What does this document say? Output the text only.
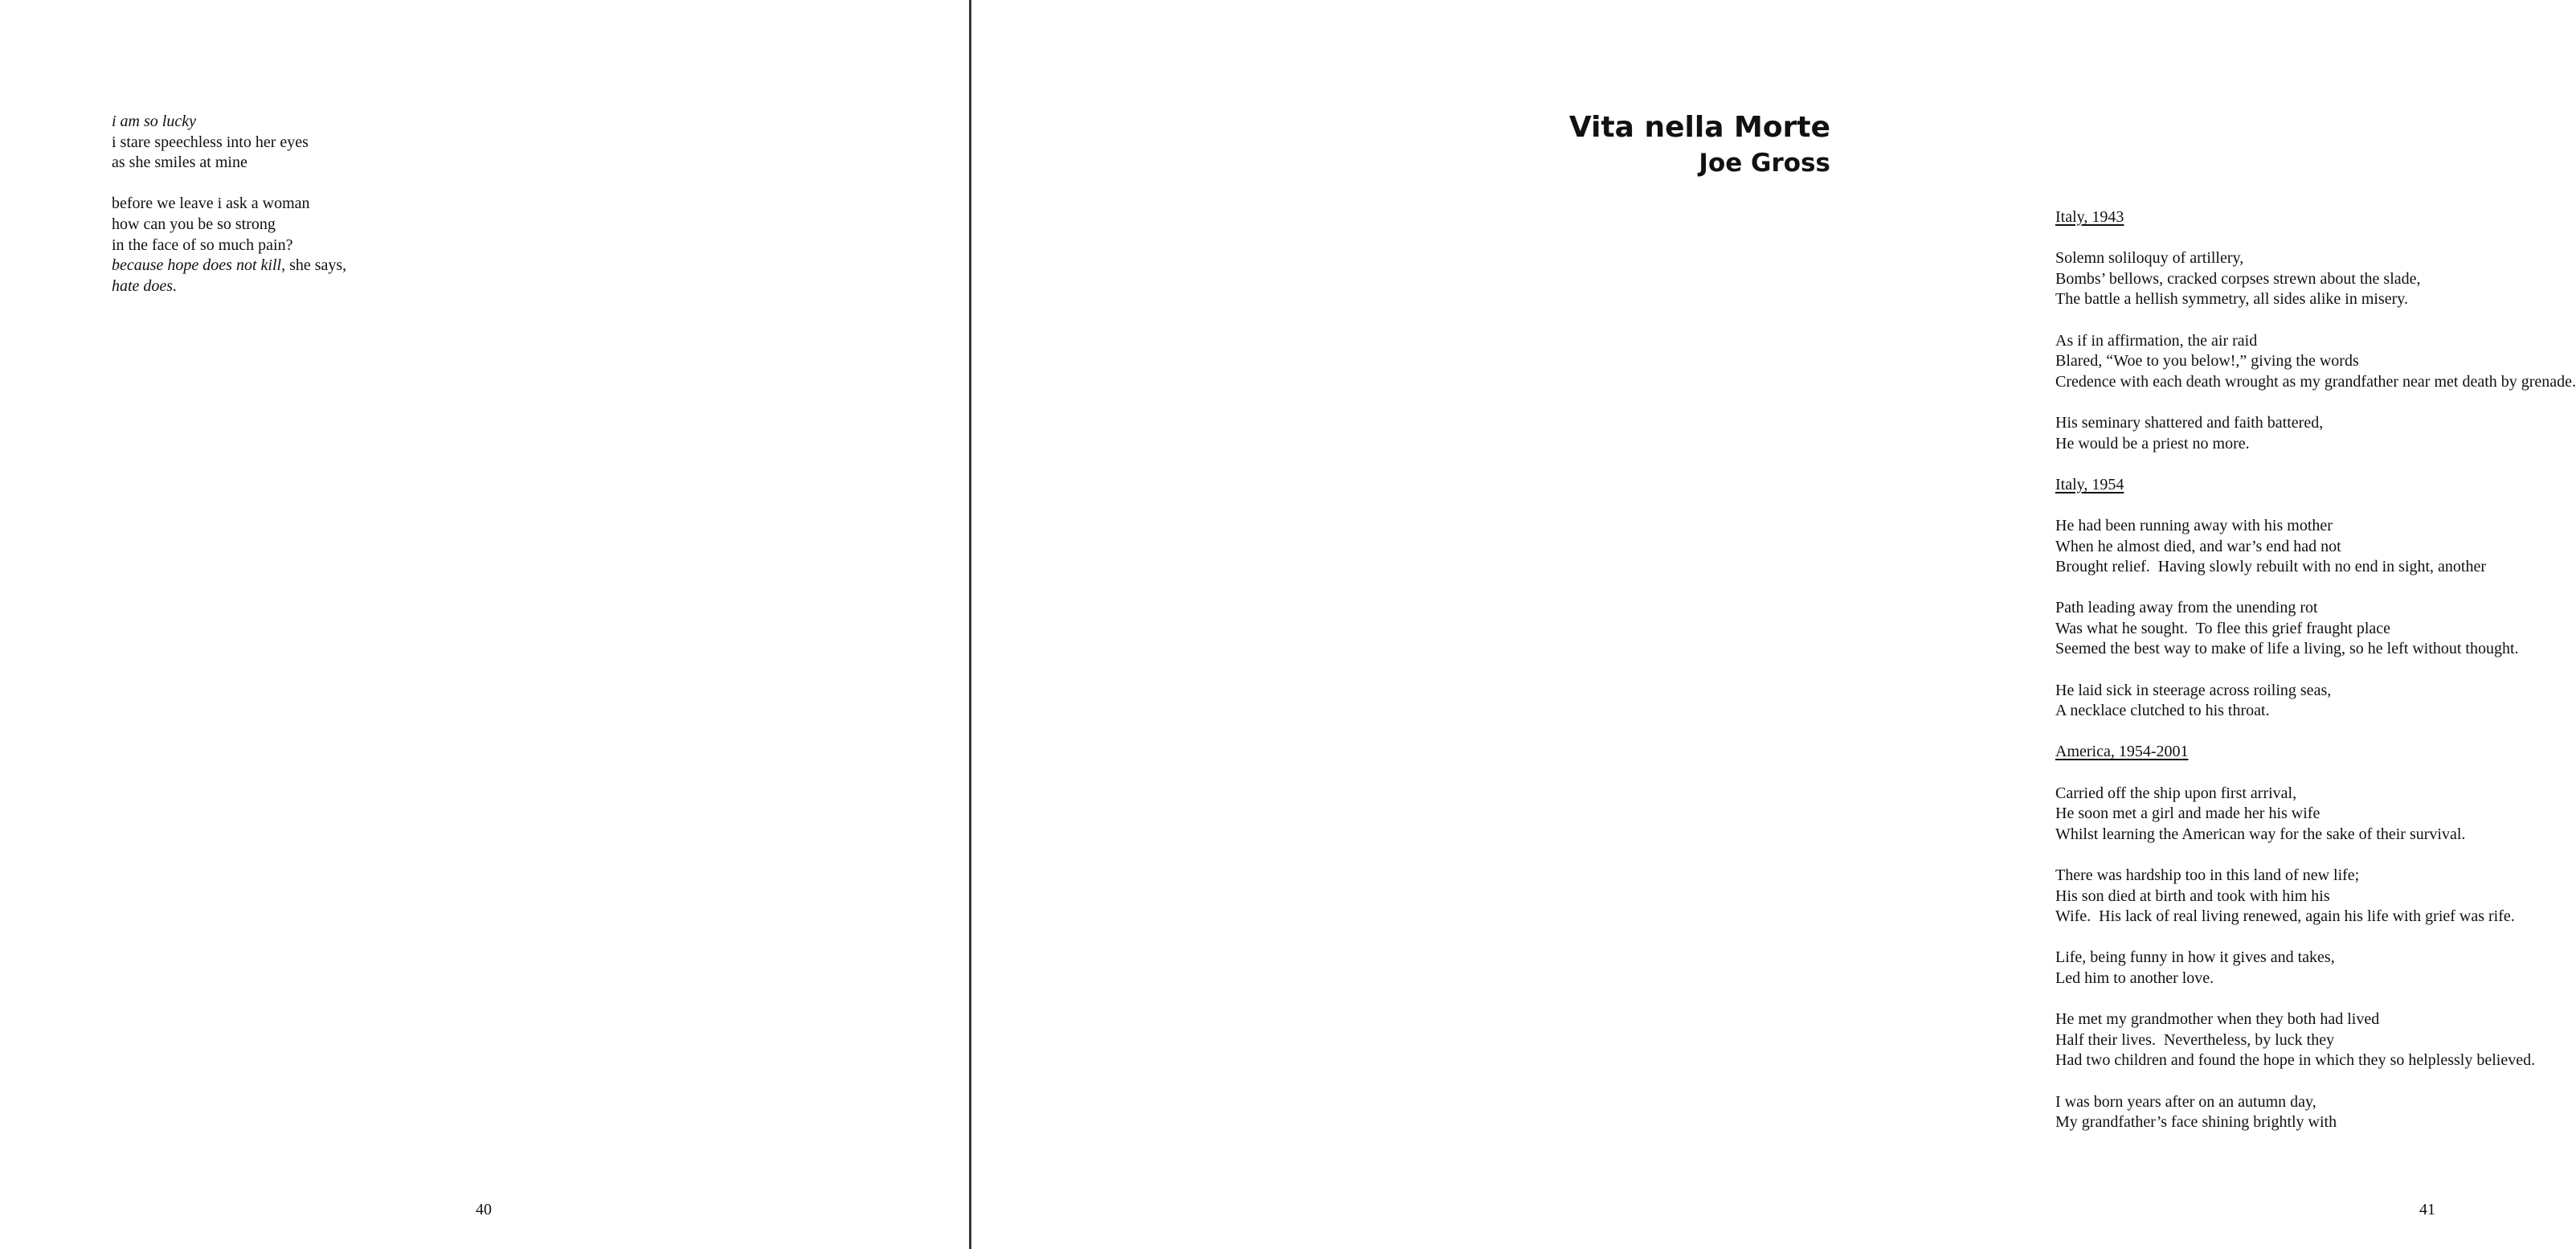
i am so lucky
i stare speechless into her eyes
as she smiles at mine
before we leave i ask a woman
how can you be so strong
in the face of so much pain?
because hope does not kill, she says,
hate does.
40
Vita nella Morte
Joe Gross
Italy, 1943
Solemn soliloquy of artillery,
Bombs’ bellows, cracked corpses strewn about the slade,
The battle a hellish symmetry, all sides alike in misery.
As if in affirmation, the air raid
Blared, “Woe to you below!,” giving the words
Credence with each death wrought as my grandfather near met death by grenade.
His seminary shattered and faith battered,
He would be a priest no more.
Italy, 1954
He had been running away with his mother
When he almost died, and war’s end had not
Brought relief.  Having slowly rebuilt with no end in sight, another
Path leading away from the unending rot
Was what he sought.  To flee this grief fraught place
Seemed the best way to make of life a living, so he left without thought.
He laid sick in steerage across roiling seas,
A necklace clutched to his throat.
America, 1954-2001
Carried off the ship upon first arrival,
He soon met a girl and made her his wife
Whilst learning the American way for the sake of their survival.
There was hardship too in this land of new life;
His son died at birth and took with him his
Wife.  His lack of real living renewed, again his life with grief was rife.
Life, being funny in how it gives and takes,
Led him to another love.
He met my grandmother when they both had lived
Half their lives.  Nevertheless, by luck they
Had two children and found the hope in which they so helplessly believed.
I was born years after on an autumn day,
My grandfather’s face shining brightly with
41
